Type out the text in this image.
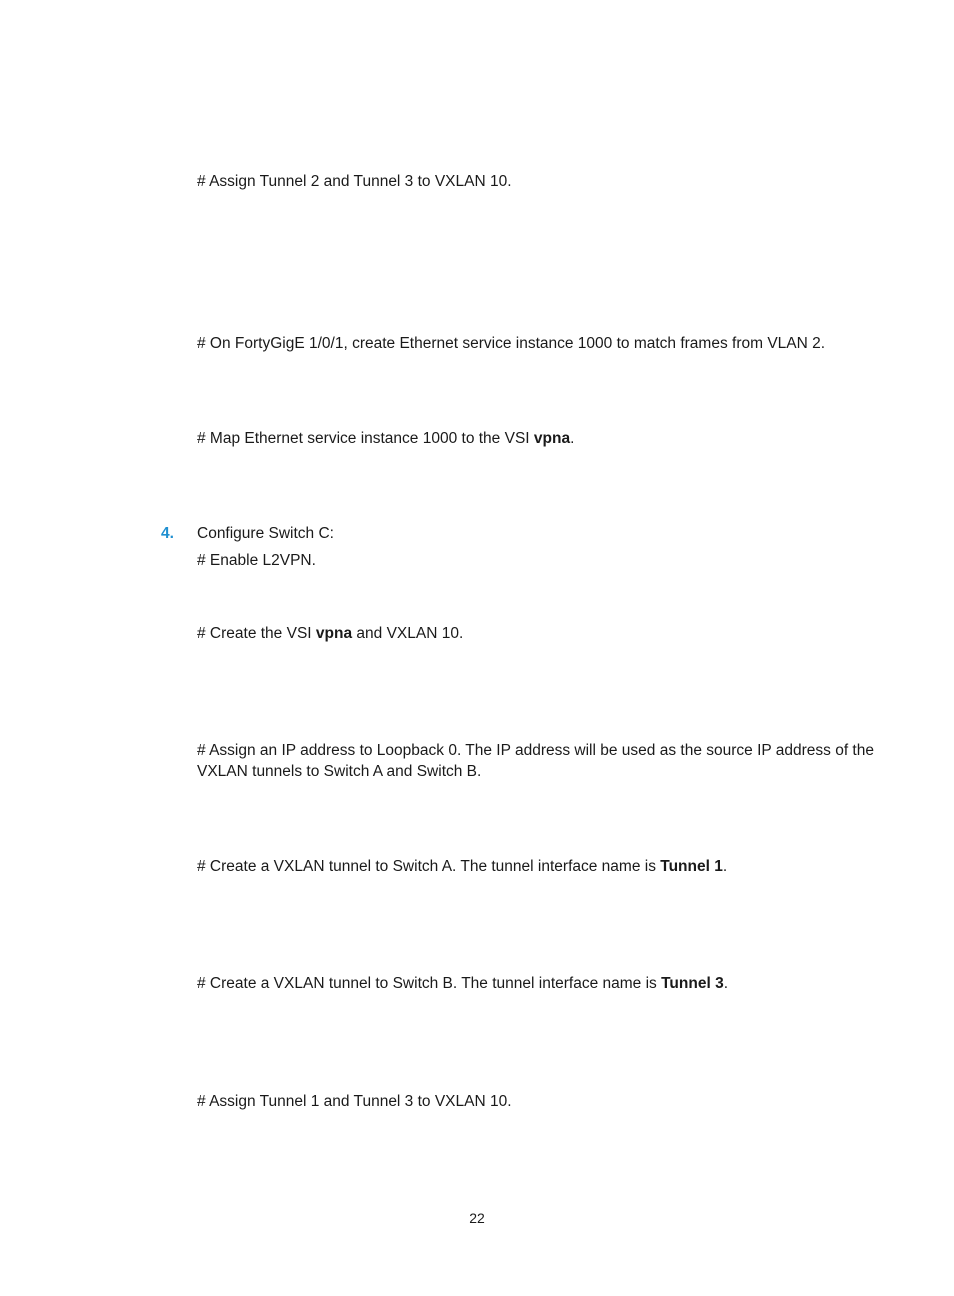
# Assign Tunnel 2 and Tunnel 3 to VXLAN 10.
# On FortyGigE 1/0/1, create Ethernet service instance 1000 to match frames from VLAN 2.
# Map Ethernet service instance 1000 to the VSI vpna.
4. Configure Switch C:
# Enable L2VPN.
# Create the VSI vpna and VXLAN 10.
# Assign an IP address to Loopback 0. The IP address will be used as the source IP address of the VXLAN tunnels to Switch A and Switch B.
# Create a VXLAN tunnel to Switch A. The tunnel interface name is Tunnel 1.
# Create a VXLAN tunnel to Switch B. The tunnel interface name is Tunnel 3.
# Assign Tunnel 1 and Tunnel 3 to VXLAN 10.
22
